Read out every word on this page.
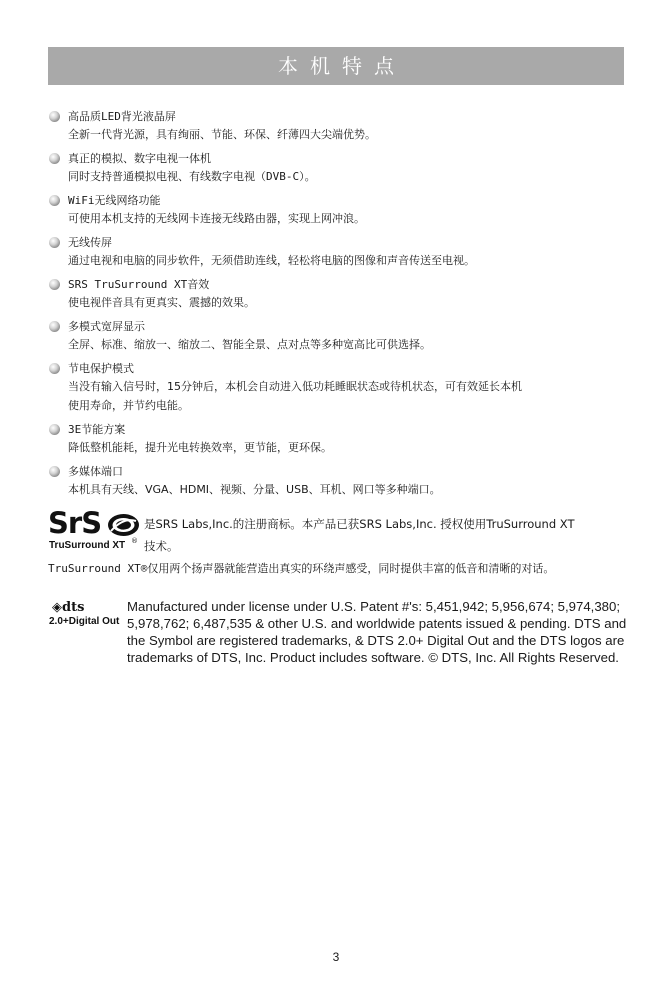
本机特点
高品质LED背光液晶屏
全新一代背光源，具有绚丽、节能、环保、纤薄四大尖端优势。
真正的模拟、数字电视一体机
同时支持普通模拟电视、有线数字电视（DVB-C）。
WiFi无线网络功能
可使用本机支持的无线网卡连接无线路由器，实现上网冲浪。
无线传屏
通过电视和电脑的同步软件，无须借助连线，轻松将电脑的图像和声音传送至电视。
SRS TruSurround XT音效
使电视伴音具有更真实、震撼的效果。
多模式宽屏显示
全屏、标准、缩放一、缩放二、智能全景、点对点等多种宽高比可供选择。
节电保护模式
当没有输入信号时，15分钟后，本机会自动进入低功耗睡眠状态或待机状态，可有效延长本机
使用寿命，并节约电能。
3E节能方案
降低整机能耗，提升光电转换效率，更节能，更环保。
多媒体端口
本机具有天线、VGA、HDMI、视频、分量、USB、耳机、网口等多种端口。
SrS
TruSurround XT ®
是SRS Labs,Inc.的注册商标。本产品已获SRS Labs,Inc. 授权使用TruSurround XT
技术。
TruSurround XT®仅用两个扬声器就能营造出真实的环绕声感受，同时提供丰富的低音和清晰的对话。
◈dts
2.0+Digital Out
Manufactured under license under U.S. Patent #'s: 5,451,942; 5,956,674; 5,974,380; 5,978,762; 6,487,535 & other U.S. and worldwide patents issued & pending. DTS and the Symbol are registered trademarks, & DTS 2.0+ Digital Out and the DTS logos are trademarks of DTS, Inc. Product includes software. © DTS, Inc. All Rights Reserved.
3
